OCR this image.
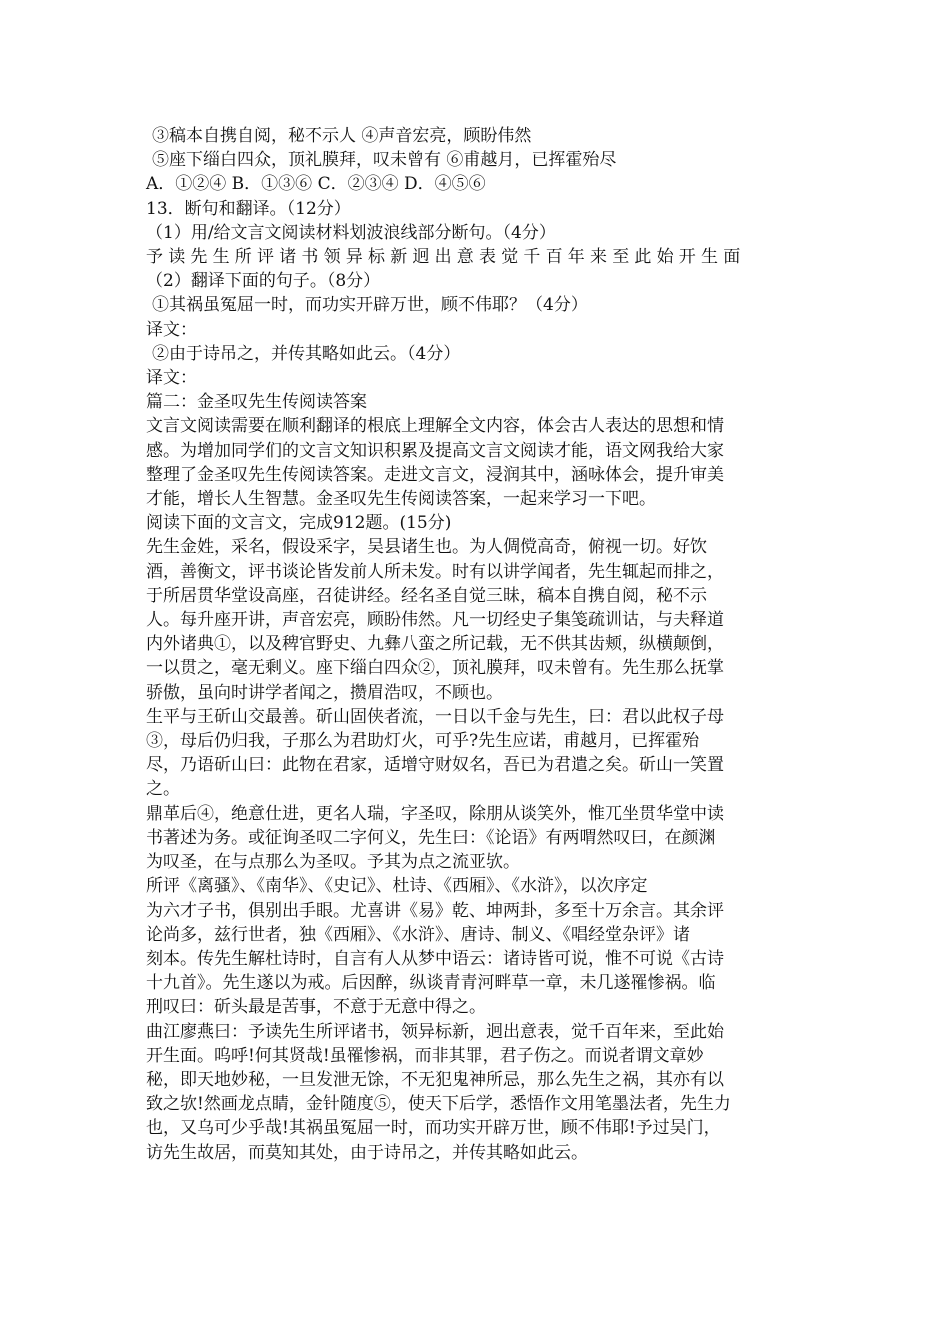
③稿本自携自阅，秘不示人 ④声音宏亮，顾盼伟然
⑤座下缁白四众，顶礼膜拜，叹未曾有 ⑥甫越月，已挥霍殆尽
A．①②④ B．①③⑥ C．②③④ D．④⑤⑥
13．断句和翻译。（12分）
（1）用/给文言文阅读材料划波浪线部分断句。（4分）
予读先生所评诸书领异标新迥出意表觉千百年来至此始开生面
（2）翻译下面的句子。（8分）
①其祸虽冤屈一时，而功实开辟万世，顾不伟耶？（4分）
译文：
②由于诗吊之，并传其略如此云。（4分）
译文：
篇二：金圣叹先生传阅读答案
文言文阅读需要在顺利翻译的根底上理解全文内容，体会古人表达的思想和情
感。为增加同学们的文言文知识积累及提高文言文阅读才能，语文网我给大家
整理了金圣叹先生传阅读答案。走进文言文，浸润其中，涵咏体会，提升审美
才能，增长人生智慧。金圣叹先生传阅读答案，一起来学习一下吧。
阅读下面的文言文，完成912题。(15分)
先生金姓，采名，假设采字，吴县诸生也。为人倜傥高奇，俯视一切。好饮
酒，善衡文，评书谈论皆发前人所未发。时有以讲学闻者，先生辄起而排之，
于所居贯华堂设高座，召徒讲经。经名圣自觉三昧，稿本自携自阅，秘不示
人。每升座开讲，声音宏亮，顾盼伟然。凡一切经史子集笺疏训诂，与夫释道
内外诸典①，以及稗官野史、九彝八蛮之所记载，无不供其齿颊，纵横颠倒，
一以贯之，毫无剩义。座下缁白四众②，顶礼膜拜，叹未曾有。先生那么抚掌
骄傲，虽向时讲学者闻之，攒眉浩叹，不顾也。
生平与王斫山交最善。斫山固侠者流，一日以千金与先生，曰：君以此权子母
③，母后仍归我，子那么为君助灯火，可乎?先生应诺，甫越月，已挥霍殆
尽，乃语斫山曰：此物在君家，适增守财奴名，吾已为君遣之矣。斫山一笑置
之。
鼎革后④，绝意仕进，更名人瑞，字圣叹，除朋从谈笑外，惟兀坐贯华堂中读
书著述为务。或征询圣叹二字何义，先生曰：《论语》有两喟然叹曰，在颜渊
为叹圣，在与点那么为圣叹。予其为点之流亚欤。
所评《离骚》、《南华》、《史记》、杜诗、《西厢》、《水浒》，以次序定
为六才子书，俱别出手眼。尤喜讲《易》乾、坤两卦，多至十万余言。其余评
论尚多，兹行世者，独《西厢》、《水浒》、唐诗、制义、《唱经堂杂评》诸
刻本。传先生解杜诗时，自言有人从梦中语云：诸诗皆可说，惟不可说《古诗
十九首》。先生遂以为戒。后因醉，纵谈青青河畔草一章，未几遂罹惨祸。临
刑叹曰：斫头最是苦事，不意于无意中得之。
曲江廖燕曰：予读先生所评诸书，领异标新，迥出意表，觉千百年来，至此始
开生面。呜呼!何其贤哉!虽罹惨祸，而非其罪，君子伤之。而说者谓文章妙
秘，即天地妙秘，一旦发泄无馀，不无犯鬼神所忌，那么先生之祸，其亦有以
致之欤!然画龙点睛，金针随度⑤，使天下后学，悉悟作文用笔墨法者，先生力
也，又乌可少乎哉!其祸虽冤屈一时，而功实开辟万世，顾不伟耶!予过吴门，
访先生故居，而莫知其处，由于诗吊之，并传其略如此云。
